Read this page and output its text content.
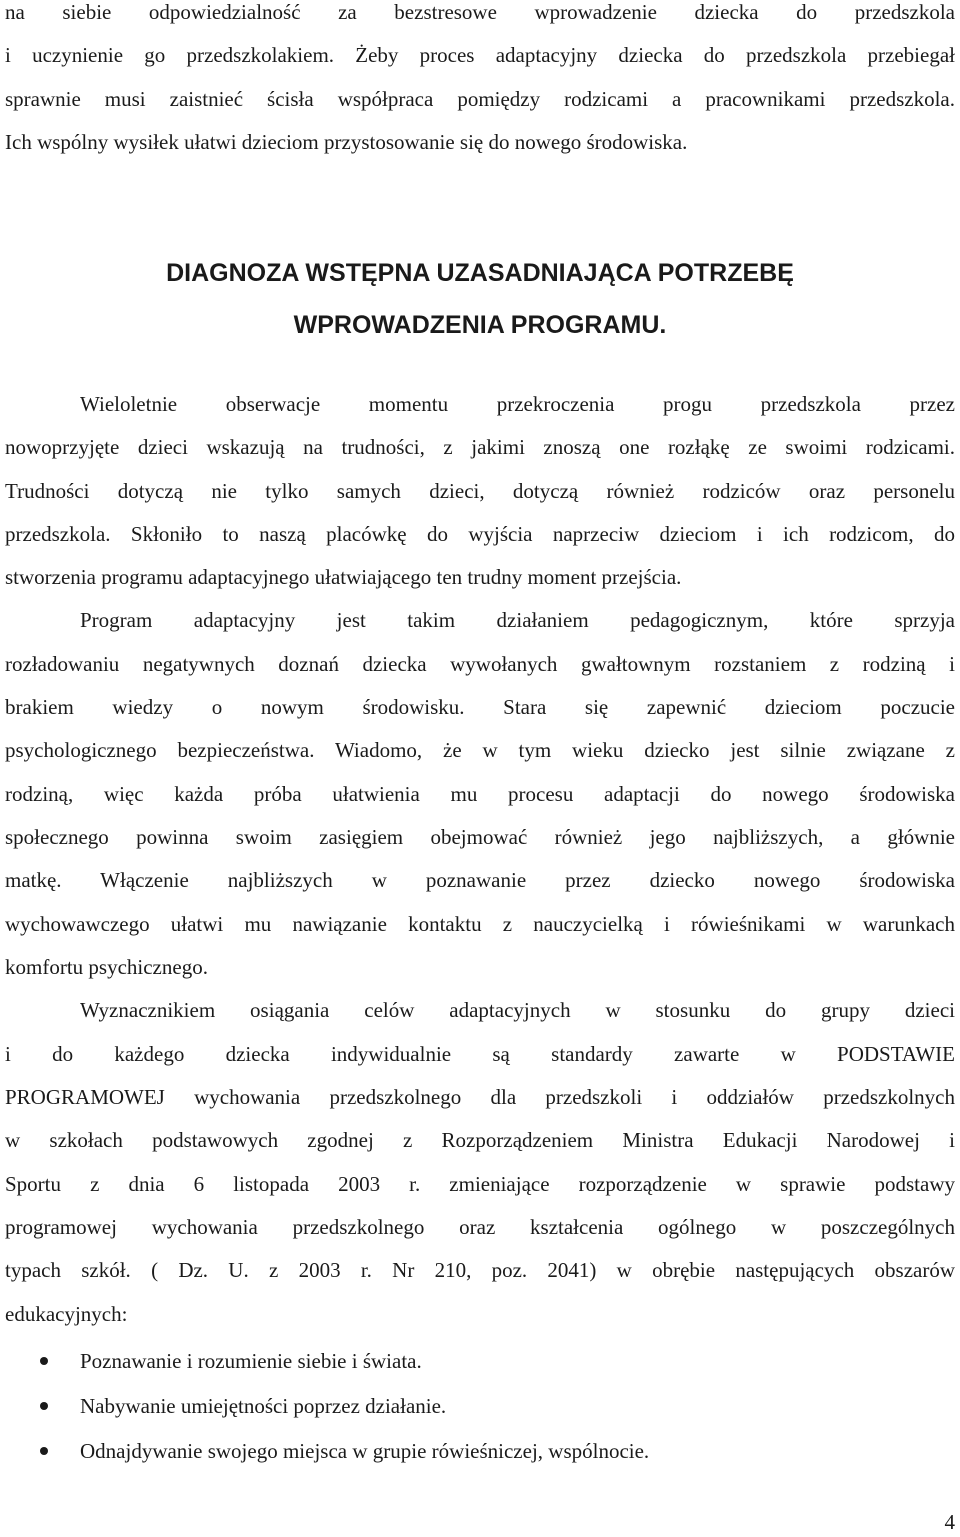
na siebie odpowiedzialność za bezstresowe wprowadzenie dziecka do przedszkola
i uczynienie go przedszkolakiem. Żeby proces adaptacyjny dziecka do przedszkola przebiegał
sprawnie musi zaistnieć ścisła współpraca pomiędzy rodzicami a pracownikami przedszkola.
Ich wspólny wysiłek ułatwi dzieciom przystosowanie się do nowego środowiska.
DIAGNOZA WSTĘPNA UZASADNIAJĄCA POTRZEBĘ
WPROWADZENIA PROGRAMU.
Wieloletnie obserwacje momentu przekroczenia progu przedszkola przez
nowoprzyjęte dzieci wskazują na trudności, z jakimi znoszą one rozłąkę ze swoimi rodzicami.
Trudności dotyczą nie tylko samych dzieci, dotyczą również rodziców oraz personelu
przedszkola. Skłoniło to naszą placówkę do wyjścia naprzeciw dzieciom i ich rodzicom, do
stworzenia programu adaptacyjnego ułatwiającego ten trudny moment przejścia.
Program adaptacyjny jest takim działaniem pedagogicznym, które sprzyja
rozładowaniu negatywnych doznań dziecka wywołanych gwałtownym rozstaniem z rodziną i
brakiem wiedzy o nowym środowisku. Stara się zapewnić dzieciom poczucie
psychologicznego bezpieczeństwa. Wiadomo, że w tym wieku dziecko jest silnie związane z
rodziną, więc każda próba ułatwienia mu procesu adaptacji do nowego środowiska
społecznego powinna swoim zasięgiem obejmować również jego najbliższych, a głównie
matkę. Włączenie najbliższych w poznawanie przez dziecko nowego środowiska
wychowawczego ułatwi mu nawiązanie kontaktu z nauczycielką i rówieśnikami w warunkach
komfortu psychicznego.
Wyznacznikiem osiągania celów adaptacyjnych w stosunku do grupy dzieci
i do każdego dziecka indywidualnie są standardy zawarte w PODSTAWIE
PROGRAMOWEJ wychowania przedszkolnego dla przedszkoli i oddziałów przedszkolnych
w szkołach podstawowych zgodnej z Rozporządzeniem Ministra Edukacji Narodowej i
Sportu z dnia 6 listopada 2003 r. zmieniające rozporządzenie w sprawie podstawy
programowej wychowania przedszkolnego oraz kształcenia ogólnego w poszczególnych
typach szkół. ( Dz. U. z 2003 r. Nr 210, poz. 2041) w obrębie następujących obszarów
edukacyjnych:
Poznawanie i rozumienie siebie i świata.
Nabywanie umiejętności poprzez działanie.
Odnajdywanie swojego miejsca w grupie rówieśniczej, wspólnocie.
4
